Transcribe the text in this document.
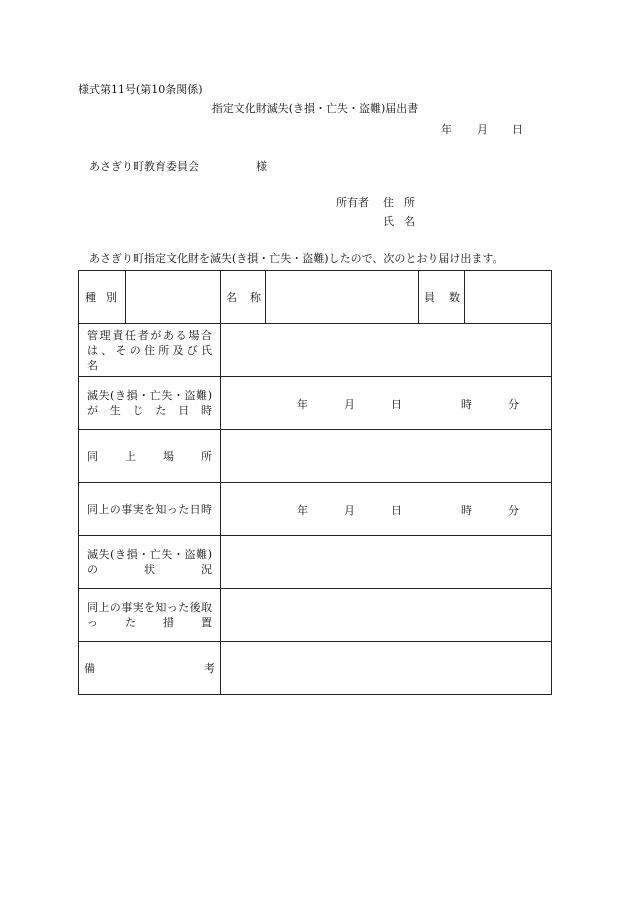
様式第11号(第10条関係)
指定文化財滅失(き損・亡失・盗難)届出書
年 月 日
あさぎり町教育委員会	様
所有者 住所
氏名
あさぎり町指定文化財を滅失(き損・亡失・盗難)したので、次のとおり届け出ます。
種 別		名 称		員 数	

管理責任者がある場合は、その住所及び氏　　　　　　　　名					

滅失(き損・亡失・盗難)が生じた日時		年 月 日 時 分			

同上場所					

同上の事実を知った日時		年 月 日 時 分			

滅失(き損・亡失・盗難)の状況					

同上の事実を知った後取った措置					

備 考					
